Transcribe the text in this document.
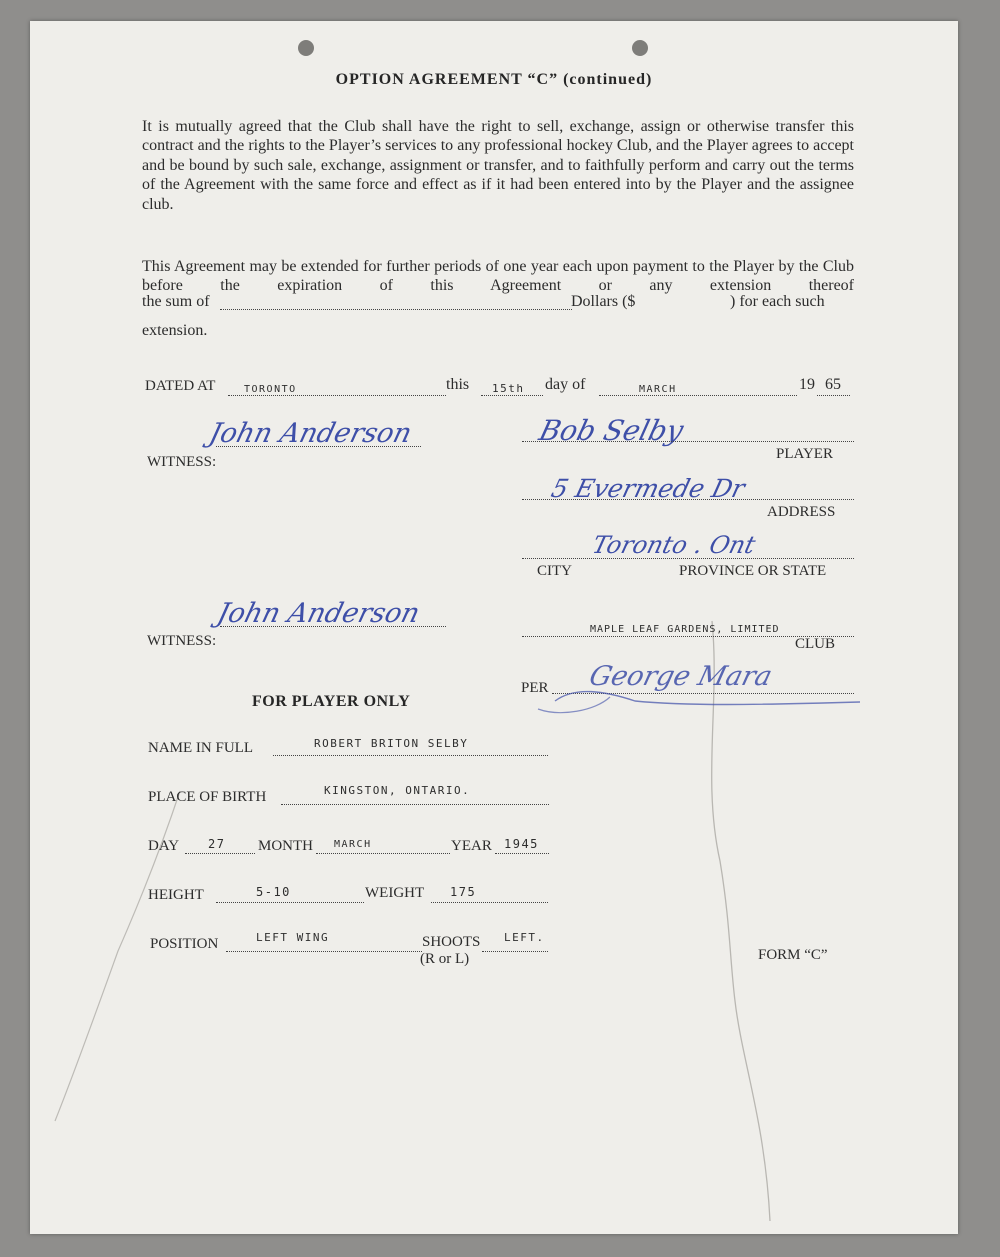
OPTION AGREEMENT “C” (continued)
It is mutually agreed that the Club shall have the right to sell, exchange, assign or otherwise transfer this contract and the rights to the Player’s services to any professional hockey Club, and the Player agrees to accept and be bound by such sale, exchange, assignment or transfer, and to faithfully perform and carry out the terms of the Agreement with the same force and effect as if it had been entered into by the Player and the assignee club.
This Agreement may be extended for further periods of one year each upon payment to the Player by the Club before the expiration of this Agreement or any extension thereof
the sum of	Dollars ($	) for each such
extension.
DATED AT	TORONTO	this 15th day of	MARCH	19 65
John Anderson
WITNESS:
Bob Selby
PLAYER
5 Evermede Dr
ADDRESS
Toronto . Ont
CITY	PROVINCE OR STATE
John Anderson
WITNESS:
MAPLE LEAF GARDENS, LIMITED
CLUB
PER George Mara
FOR PLAYER ONLY
NAME IN FULL	ROBERT BRITON SELBY
PLACE OF BIRTH	KINGSTON, ONTARIO.
DAY 27 MONTH MARCH	YEAR 1945
HEIGHT	5-10	WEIGHT 175
POSITION	LEFT WING	SHOOTS LEFT.
(R or L)	FORM “C”
